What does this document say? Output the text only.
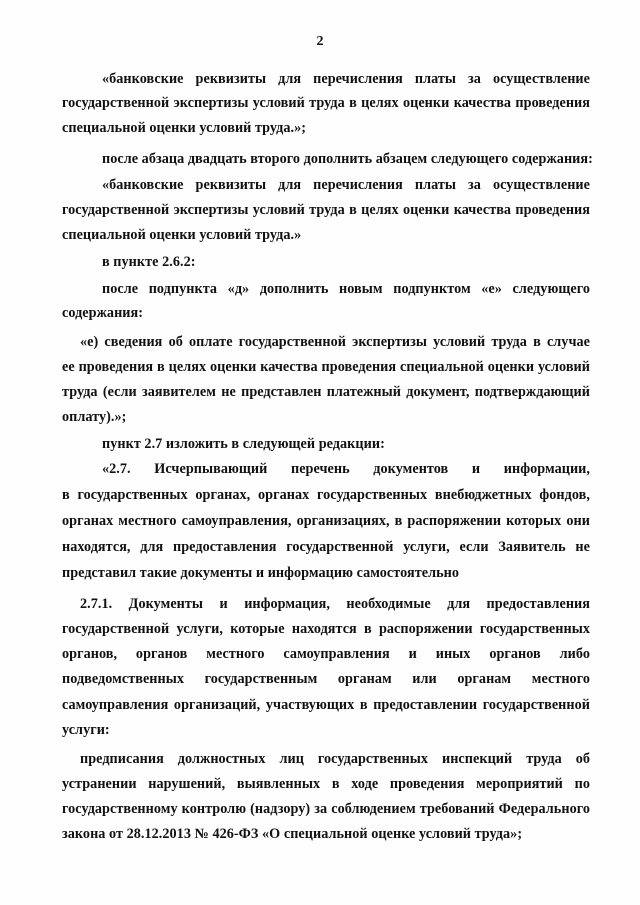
2
«банковские реквизиты для перечисления платы за осуществление
государственной экспертизы условий труда в целях оценки качества проведения
специальной оценки условий труда.»;
после абзаца двадцать второго дополнить абзацем следующего содержания:
«банковские реквизиты для перечисления платы за осуществление
государственной экспертизы условий труда в целях оценки качества проведения
специальной оценки условий труда.»
в пункте 2.6.2:
после подпункта «д» дополнить новым подпунктом «е» следующего
содержания:
«е) сведения об оплате государственной экспертизы условий труда в случае
ее проведения в целях оценки качества проведения специальной оценки условий
труда (если заявителем не представлен платежный документ, подтверждающий
оплату).»;
пункт 2.7 изложить в следующей редакции:
«2.7. Исчерпывающий перечень документов и информации,
в государственных органах, органах государственных внебюджетных фондов,
органах местного самоуправления, организациях, в распоряжении которых они
находятся, для предоставления государственной услуги, если Заявитель не
представил такие документы и информацию самостоятельно
2.7.1. Документы и информация, необходимые для предоставления
государственной услуги, которые находятся в распоряжении государственных
органов, органов местного самоуправления и иных органов либо
подведомственных государственным органам или органам местного
самоуправления организаций, участвующих в предоставлении государственной
услуги:
предписания должностных лиц государственных инспекций труда об
устранении нарушений, выявленных в ходе проведения мероприятий по
государственному контролю (надзору) за соблюдением требований Федерального
закона от 28.12.2013 № 426-ФЗ «О специальной оценке условий труда»;
